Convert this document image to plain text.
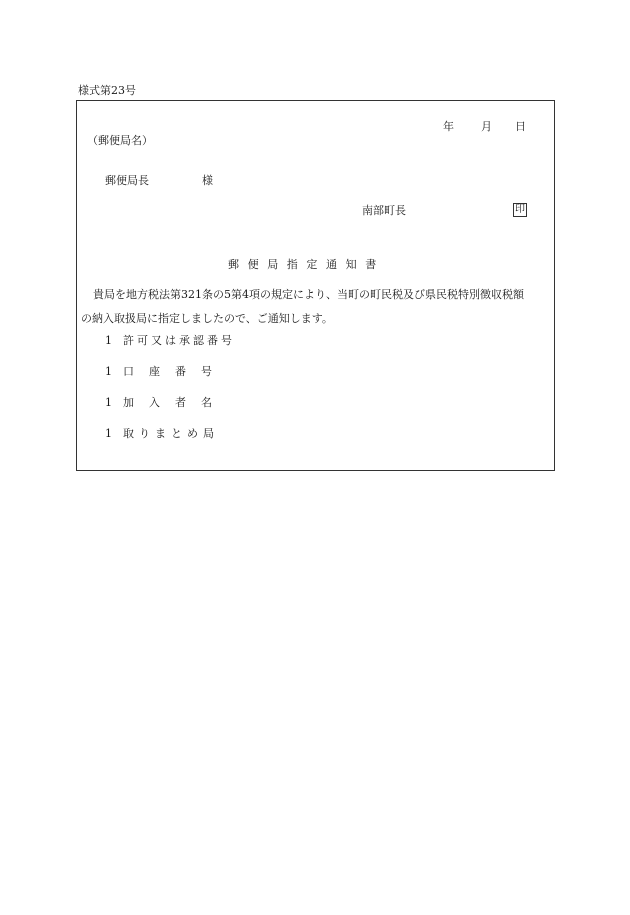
様式第23号
年 月 日
（郵便局名）
郵便局長	様
南部町長	印
郵便局指定通知書
貴局を地方税法第321条の5第4項の規定により、当町の町民税及び県民税特別徴収税額
の納入取扱局に指定しましたので、ご通知します。
1 許可又は承認番号
1 口座番号
1 加入者名
1 取りまとめ局
